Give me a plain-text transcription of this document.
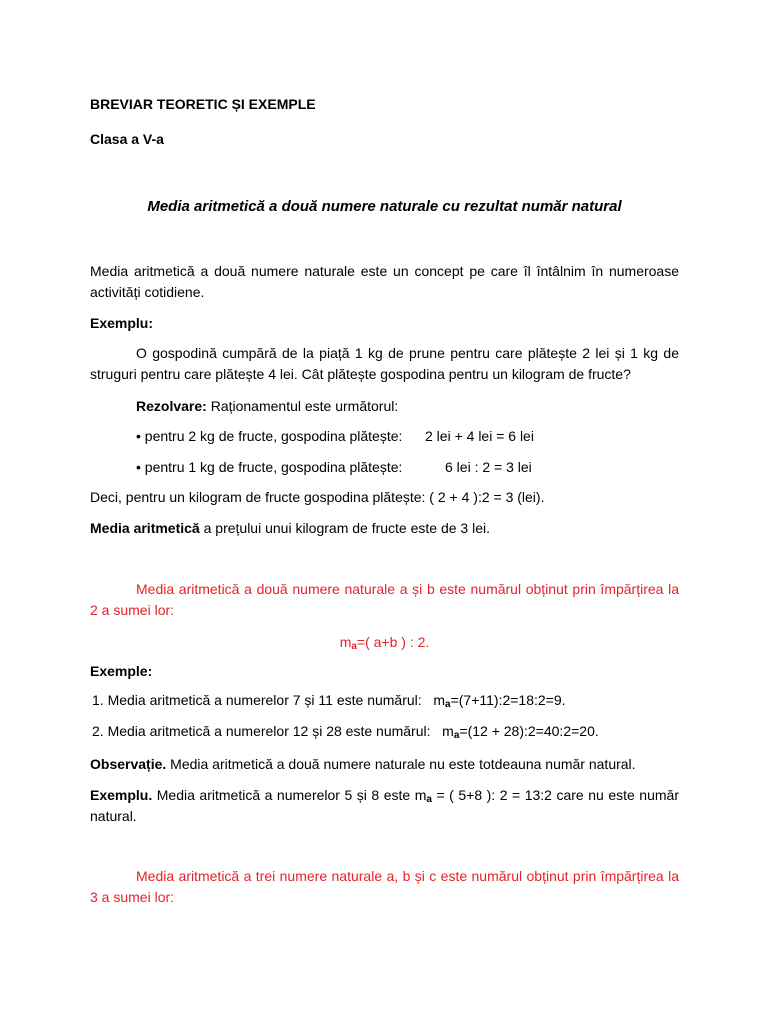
BREVIAR TEORETIC ȘI EXEMPLE

Clasa a V-a

Media aritmetică a două numere naturale cu rezultat număr natural

Media aritmetică a două numere naturale este un concept pe care îl întâlnim în numeroase activități cotidiene.

Exemplu:

O gospodină cumpără de la piață 1 kg de prune pentru care plătește 2 lei și 1 kg de struguri pentru care plătește 4 lei. Cât plătește gospodina pentru un kilogram de fructe?

Rezolvare: Raționamentul este următorul:

• pentru 2 kg de fructe, gospodina plătește: 2 lei + 4 lei = 6 lei

• pentru 1 kg de fructe, gospodina plătește:	6 lei : 2 = 3 lei

Deci, pentru un kilogram de fructe gospodina plătește: ( 2 + 4 ):2 = 3 (lei).

Media aritmetică a prețului unui kilogram de fructe este de 3 lei.

Media aritmetică a două numere naturale a și b este numărul obținut prin împărțirea la 2 a sumei lor:

$m_a=$( a+b ) : 2.

Exemple:

1. Media aritmetică a numerelor 7 și 11 este numărul: $m_a=(7+11):2=18:2=9$.

2. Media aritmetică a numerelor 12 și 28 este numărul: $m_a=(12$ + 28):2=40:2=20.

Observație. Media aritmetică a două numere naturale nu este totdeauna număr natural.

Exemplu. Media aritmetică a numerelor 5 și 8 este $m_a$ = ( 5+8 ): 2 = 13:2 care nu este număr natural.

Media aritmetică a trei numere naturale a, b și c este numărul obținut prin împărțirea la 3 a sumei lor:
